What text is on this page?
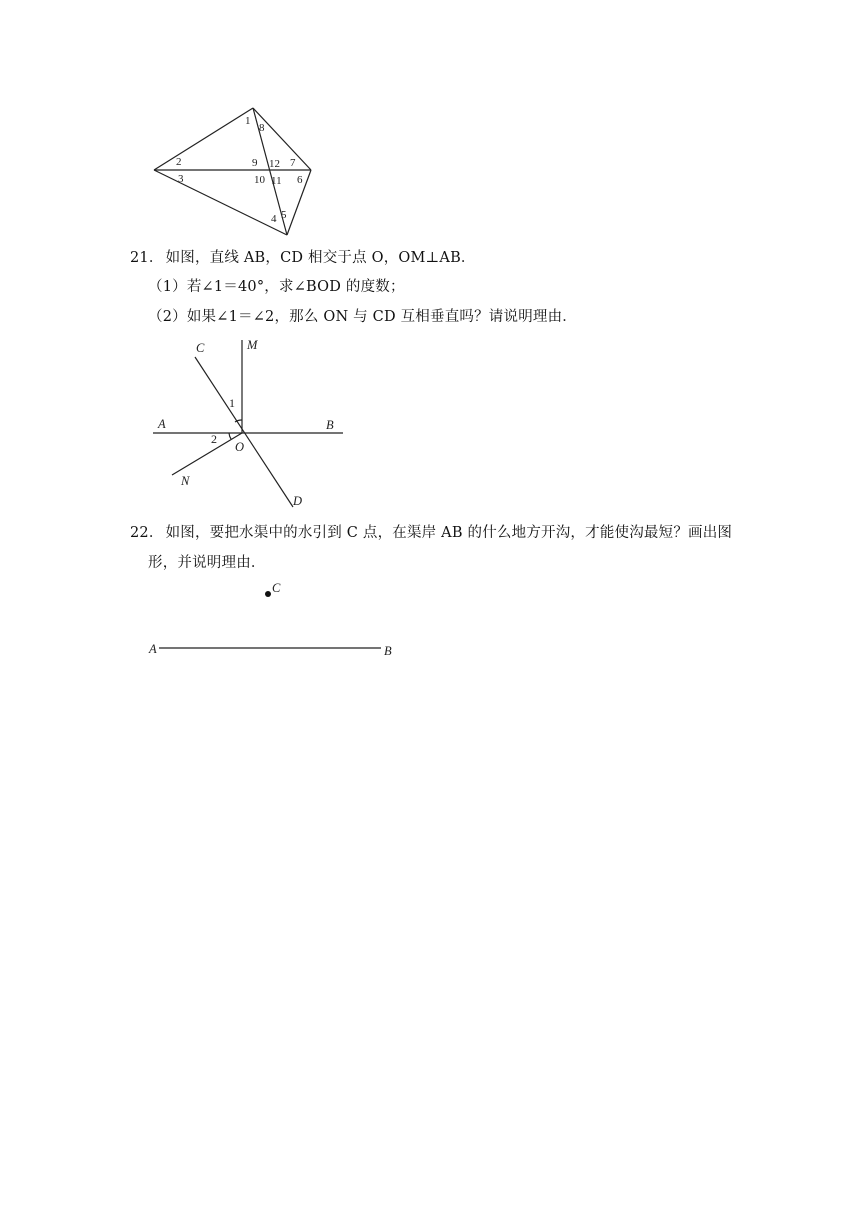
1
8
2
3
9 12 7
10 11 6
4 5
21． 如图，直线 AB，CD 相交于点 O，OM⊥AB．
（1）若∠1＝40°，求∠BOD 的度数；
（2）如果∠1＝∠2，那么 ON 与 CD 互相垂直吗？请说明理由．
C	M
A	B
O
N
D
1
2
22． 如图，要把水渠中的水引到 C 点，在渠岸 AB 的什么地方开沟，才能使沟最短？画出图
形，并说明理由．
C
A	B
